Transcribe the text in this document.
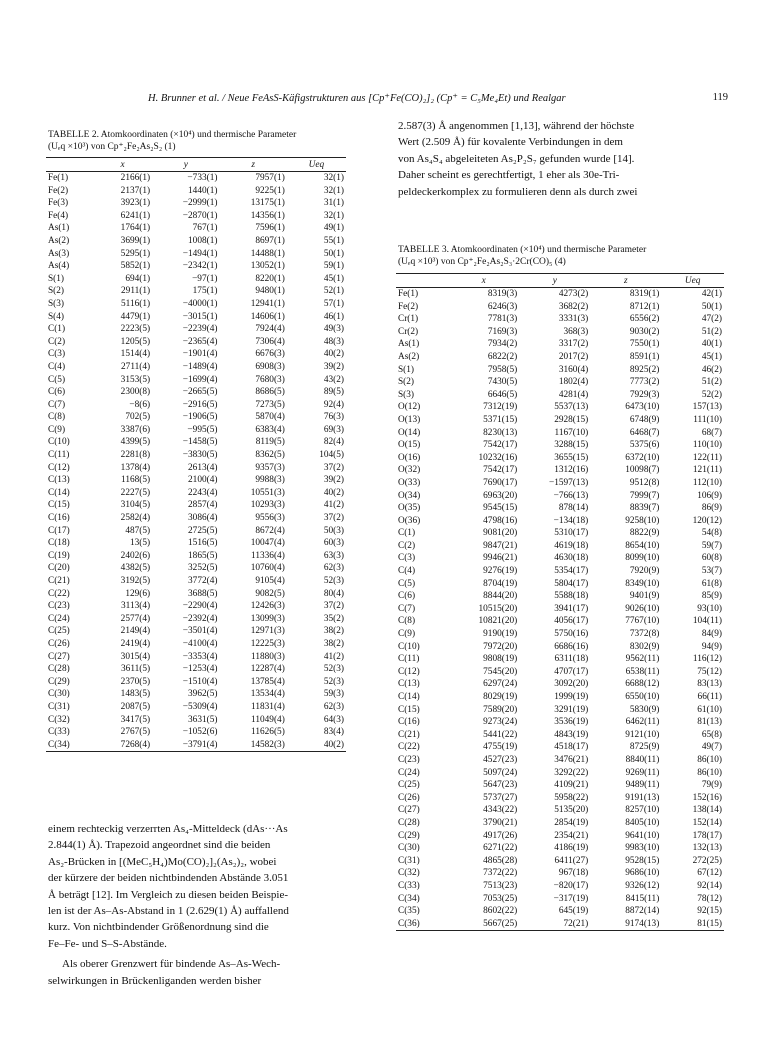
H. Brunner et al. / Neue FeAsS-Käfigstrukturen aus [Cp⁺Fe(CO)₂]₂ (Cp⁺ = C₅Me₄Et) und Realgar	119
TABELLE 2. Atomkoordinaten (×10⁴) und thermische Parameter
(Uₑq ×10³) von Cp⁺₂Fe₂As₂S₂ (1)
	x	y	z	Ueq
Fe(1)	2166(1)	−733(1)	7957(1)	32(1)
Fe(2)	2137(1)	1440(1)	9225(1)	32(1)
Fe(3)	3923(1)	−2999(1)	13175(1)	31(1)
Fe(4)	6241(1)	−2870(1)	14356(1)	32(1)
As(1)	1764(1)	767(1)	7596(1)	49(1)
As(2)	3699(1)	1008(1)	8697(1)	55(1)
As(3)	5295(1)	−1494(1)	14488(1)	50(1)
As(4)	5852(1)	−2342(1)	13052(1)	59(1)
S(1)	694(1)	−97(1)	8220(1)	45(1)
S(2)	2911(1)	175(1)	9480(1)	52(1)
S(3)	5116(1)	−4000(1)	12941(1)	57(1)
S(4)	4479(1)	−3015(1)	14606(1)	46(1)
C(1)	2223(5)	−2239(4)	7924(4)	49(3)
C(2)	1205(5)	−2365(4)	7306(4)	48(3)
C(3)	1514(4)	−1901(4)	6676(3)	40(2)
C(4)	2711(4)	−1489(4)	6908(3)	39(2)
C(5)	3153(5)	−1699(4)	7680(3)	43(2)
C(6)	2300(8)	−2665(5)	8686(5)	89(5)
C(7)	−8(6)	−2916(5)	7273(5)	92(4)
C(8)	702(5)	−1906(5)	5870(4)	76(3)
C(9)	3387(6)	−995(5)	6383(4)	69(3)
C(10)	4399(5)	−1458(5)	8119(5)	82(4)
C(11)	2281(8)	−3830(5)	8362(5)	104(5)
C(12)	1378(4)	2613(4)	9357(3)	37(2)
C(13)	1168(5)	2100(4)	9988(3)	39(2)
C(14)	2227(5)	2243(4)	10551(3)	40(2)
C(15)	3104(5)	2857(4)	10293(3)	41(2)
C(16)	2582(4)	3086(4)	9556(3)	37(2)
C(17)	487(5)	2725(5)	8672(4)	50(3)
C(18)	13(5)	1516(5)	10047(4)	60(3)
C(19)	2402(6)	1865(5)	11336(4)	63(3)
C(20)	4382(5)	3252(5)	10760(4)	62(3)
C(21)	3192(5)	3772(4)	9105(4)	52(3)
C(22)	129(6)	3688(5)	9082(5)	80(4)
C(23)	3113(4)	−2290(4)	12426(3)	37(2)
C(24)	2577(4)	−2392(4)	13099(3)	35(2)
C(25)	2149(4)	−3501(4)	12971(3)	38(2)
C(26)	2419(4)	−4100(4)	12225(3)	38(2)
C(27)	3015(4)	−3353(4)	11880(3)	41(2)
C(28)	3611(5)	−1253(4)	12287(4)	52(3)
C(29)	2370(5)	−1510(4)	13785(4)	52(3)
C(30)	1483(5)	3962(5)	13534(4)	59(3)
C(31)	2087(5)	−5309(4)	11831(4)	62(3)
C(32)	3417(5)	3631(5)	11049(4)	64(3)
C(33)	2767(5)	−1052(6)	11626(5)	83(4)
C(34)	7268(4)	−3791(4)	14582(3)	40(2)
einem rechteckig verzerrten As₄-Mitteldeck (dAs···As
2.844(1) Å). Trapezoid angeordnet sind die beiden
As₂-Brücken in [(MeC₅H₄)Mo(CO)₂]₂(As₂)₂, wobei
der kürzere der beiden nichtbindenden Abstände 3.051
Å beträgt [12]. Im Vergleich zu diesen beiden Beispie-
len ist der As–As-Abstand in 1 (2.629(1) Å) auffallend
kurz. Von nichtbindender Größenordnung sind die
Fe–Fe- und S–S-Abstände.
Als oberer Grenzwert für bindende As–As-Wech-
selwirkungen in Brückenliganden werden bisher
2.587(3) Å angenommen [1,13], während der höchste
Wert (2.509 Å) für kovalente Verbindungen in dem
von As₄S₄ abgeleiteten As₂P₂S₇ gefunden wurde [14].
Daher scheint es gerechtfertigt, 1 eher als 30e-Tri-
peldeckerkomplex zu formulieren denn als durch zwei
TABELLE 3. Atomkoordinaten (×10⁴) und thermische Parameter
(Uₑq ×10³) von Cp⁺₂Fe₂As₂S₃·2Cr(CO)₅ (4)
	x	y	z	Ueq
Fe(1)	8319(3)	4273(2)	8319(1)	42(1)
Fe(2)	6246(3)	3682(2)	8712(1)	50(1)
Cr(1)	7781(3)	3331(3)	6556(2)	47(2)
Cr(2)	7169(3)	368(3)	9030(2)	51(2)
As(1)	7934(2)	3317(2)	7550(1)	40(1)
As(2)	6822(2)	2017(2)	8591(1)	45(1)
S(1)	7958(5)	3160(4)	8925(2)	46(2)
S(2)	7430(5)	1802(4)	7773(2)	51(2)
S(3)	6646(5)	4281(4)	7929(3)	52(2)
O(12)	7312(19)	5537(13)	6473(10)	157(13)
O(13)	5371(15)	2928(15)	6748(9)	111(10)
O(14)	8230(13)	1167(10)	6468(7)	68(7)
O(15)	7542(17)	3288(15)	5375(6)	110(10)
O(16)	10232(16)	3655(15)	6372(10)	122(11)
O(32)	7542(17)	1312(16)	10098(7)	121(11)
O(33)	7690(17)	−1597(13)	9512(8)	112(10)
O(34)	6963(20)	−766(13)	7999(7)	106(9)
O(35)	9545(15)	878(14)	8839(7)	86(9)
O(36)	4798(16)	−134(18)	9258(10)	120(12)
C(1)	9081(20)	5310(17)	8822(9)	54(8)
C(2)	9847(21)	4619(18)	8654(10)	59(7)
C(3)	9946(21)	4630(18)	8099(10)	60(8)
C(4)	9276(19)	5354(17)	7920(9)	53(7)
C(5)	8704(19)	5804(17)	8349(10)	61(8)
C(6)	8844(20)	5588(18)	9401(9)	85(9)
C(7)	10515(20)	3941(17)	9026(10)	93(10)
C(8)	10821(20)	4056(17)	7767(10)	104(11)
C(9)	9190(19)	5750(16)	7372(8)	84(9)
C(10)	7972(20)	6686(16)	8302(9)	94(9)
C(11)	9808(19)	6311(18)	9562(11)	116(12)
C(12)	7545(20)	4707(17)	6538(11)	75(12)
C(13)	6297(24)	3092(20)	6688(12)	83(13)
C(14)	8029(19)	1999(19)	6550(10)	66(11)
C(15)	7589(20)	3291(19)	5830(9)	61(10)
C(16)	9273(24)	3536(19)	6462(11)	81(13)
C(21)	5441(22)	4843(19)	9121(10)	65(8)
C(22)	4755(19)	4518(17)	8725(9)	49(7)
C(23)	4527(23)	3476(21)	8840(11)	86(10)
C(24)	5097(24)	3292(22)	9269(11)	86(10)
C(25)	5647(23)	4109(21)	9489(11)	79(9)
C(26)	5737(27)	5958(22)	9191(13)	152(16)
C(27)	4343(22)	5135(20)	8257(10)	138(14)
C(28)	3790(21)	2854(19)	8405(10)	152(14)
C(29)	4917(26)	2354(21)	9641(10)	178(17)
C(30)	6271(22)	4186(19)	9983(10)	132(13)
C(31)	4865(28)	6411(27)	9528(15)	272(25)
C(32)	7372(22)	967(18)	9686(10)	67(12)
C(33)	7513(23)	−820(17)	9326(12)	92(14)
C(34)	7053(25)	−317(19)	8415(11)	78(12)
C(35)	8602(22)	645(19)	8872(14)	92(15)
C(36)	5667(25)	72(21)	9174(13)	81(15)
